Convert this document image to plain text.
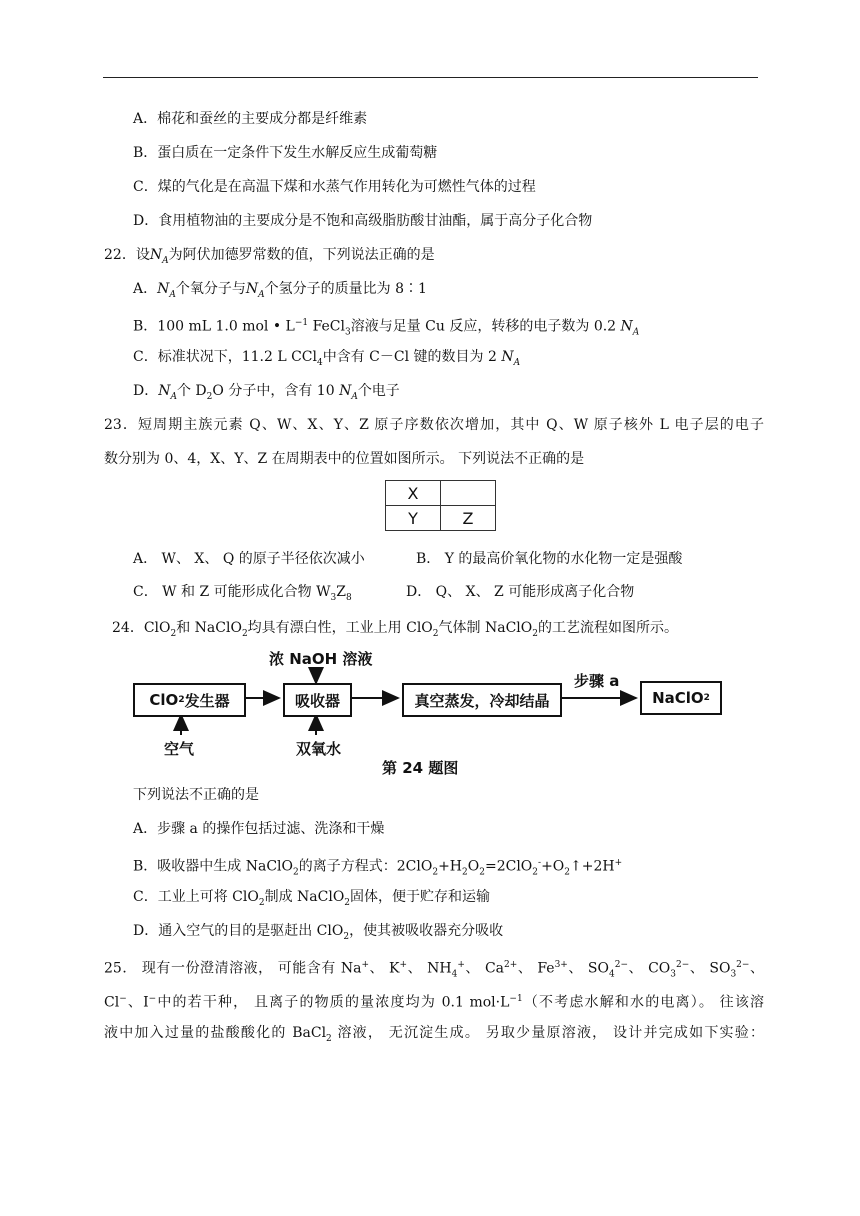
A．棉花和蚕丝的主要成分都是纤维素
B．蛋白质在一定条件下发生水解反应生成葡萄糖
C．煤的气化是在高温下煤和水蒸气作用转化为可燃性气体的过程
D．食用植物油的主要成分是不饱和高级脂肪酸甘油酯，属于高分子化合物
22．设$N_A$为阿伏加德罗常数的值，下列说法正确的是
A．$N_A$个氧分子与$N_A$个氢分子的质量比为 8∶1
B．100 mL 1.0 mol • $L^{-1}$ FeCl$_3$溶液与足量 Cu 反应，转移的电子数为 0.2 $N_A$
C．标准状况下，11.2 L CCl$_4$中含有 C－Cl 键的数目为 2 $N_A$
D．$N_A$个 $D_2O$ 分子中，含有 10 $N_A$个电子
23．短周期主族元素 Q、W、X、Y、Z 原子序数依次增加，其中 Q、W 原子核外 L 电子层的电子
数分别为 0、4，X、Y、Z 在周期表中的位置如图所示。 下列说法不正确的是
X	
Y	Z
A． W、 X、 Q 的原子半径依次减小	B． Y 的最高价氧化物的水化物一定是强酸
C． W 和 Z 可能形成化合物 $W_3Z_8$	D． Q、 X、 Z 可能形成离子化合物
24．ClO$_2$和 NaClO$_2$均具有漂白性，工业上用 ClO$_2$气体制 NaClO$_2$的工艺流程如图所示。
ClO 2 发生器	吸收器	真空蒸发，冷却结晶	NaClO 2
浓 NaOH 溶液
步骤 a
空气	双氧水
第 24 题图
下列说法不正确的是
A．步骤 a 的操作包括过滤、洗涤和干燥
B．吸收器中生成 NaClO$_2$的离子方程式：$2ClO_2+H_2O_2=2ClO_2^-+O_2↑+2H^+$
C．工业上可将 ClO$_2$制成 NaClO$_2$固体，便于贮存和运输
D．通入空气的目的是驱赶出 ClO$_2$，使其被吸收器充分吸收
25． 现有一份澄清溶液， 可能含有 Na+、 K+、 $NH_4^+$、 $Ca^{2+}$、 $Fe^{3+}$、 $SO_4^{2-}$、 $CO_3^{2-}$、 $SO_3^{2-}$、
Cl−、I−中的若干种， 且离子的物质的量浓度均为 0.1 $mol\cdot L^{-1}$（不考虑水解和水的电离）。 往该溶
液中加入过量的盐酸酸化的 BaCl$_2$ 溶液， 无沉淀生成。 另取少量原溶液， 设计并完成如下实验：
